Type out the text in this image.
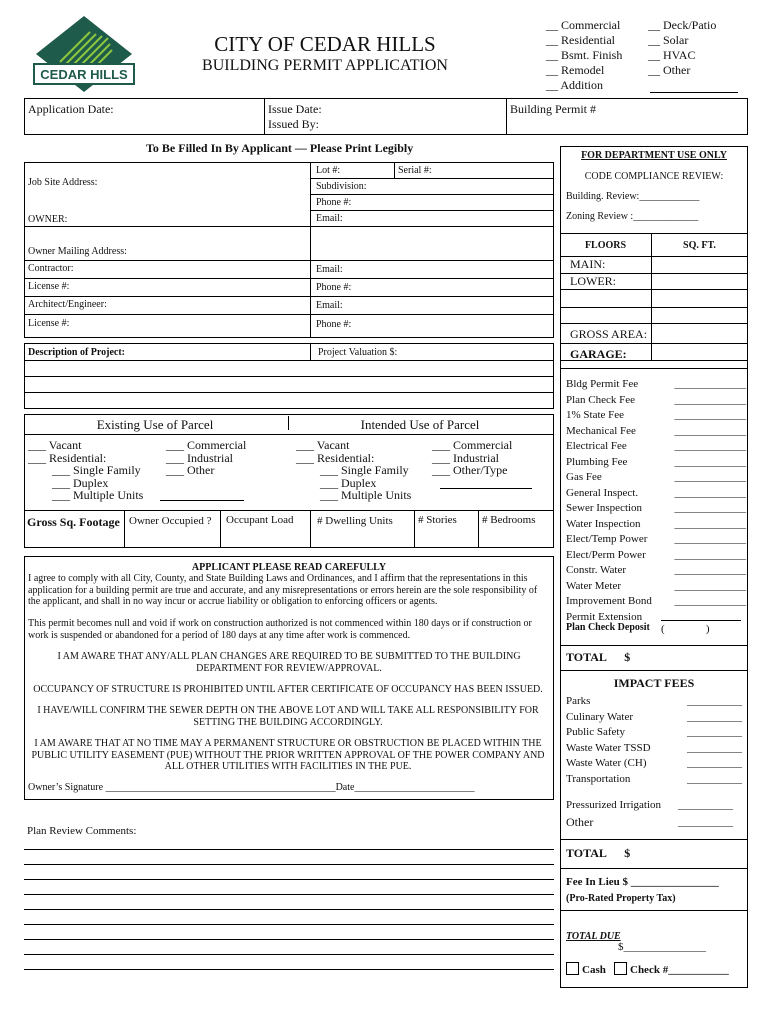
CEDAR HILLS
CITY OF CEDAR HILLS
BUILDING PERMIT APPLICATION
__ Commercial
__ Residential
__ Bsmt. Finish
__ Remodel
__ Addition
__ Deck/Patio
__ Solar
__ HVAC
__ Other
Application Date:	Issue Date:
Issued By:
Building Permit #
To Be Filled In By Applicant — Please Print Legibly
Job Site Address:
Lot #:	Serial #:
Subdivision:
Phone #:
OWNER:	Email:
Owner Mailing Address:
Contractor:	Email:
License #:	Phone #:
Architect/Engineer:	Email:
License #:	Phone #:
Description of Project:	Project Valuation $:
Existing Use of Parcel	Intended Use of Parcel
___ Vacant
___ Residential:
___ Single Family
___ Duplex
___ Multiple Units
___ Commercial
___ Industrial
___ Other
___ Vacant
___ Residential:
___ Single Family
___ Duplex
___ Multiple Units
___ Commercial
___ Industrial
___ Other/Type
Gross Sq. Footage Owner Occupied ? Occupant Load # Dwelling Units # Stories # Bedrooms
APPLICANT PLEASE READ CAREFULLY
I agree to comply with all City, County, and State Building Laws and Ordinances, and I affirm that the representations in this application for a building permit are true and accurate, and any misrepresentations or errors herein are the sole responsibility of the applicant, and shall in no way incur or accrue liability or obligation to enforcing officers or agents.
This permit becomes null and void if work on construction authorized is not commenced within 180 days or if construction or work is suspended or abandoned for a period of 180 days at any time after work is commenced.
I AM AWARE THAT ANY/ALL PLAN CHANGES ARE REQUIRED TO BE SUBMITTED TO THE BUILDING DEPARTMENT FOR REVIEW/APPROVAL.
OCCUPANCY OF STRUCTURE IS PROHIBITED UNTIL AFTER CERTIFICATE OF OCCUPANCY HAS BEEN ISSUED.
I HAVE/WILL CONFIRM THE SEWER DEPTH ON THE ABOVE LOT AND WILL TAKE ALL RESPONSIBILITY FOR SETTING THE BUILDING ACCORDINGLY.
I AM AWARE THAT AT NO TIME MAY A PERMANENT STRUCTURE OR OBSTRUCTION BE PLACED WITHIN THE PUBLIC UTILITY EASEMENT (PUE) WITHOUT THE PRIOR WRITTEN APPROVAL OF THE POWER COMPANY AND ALL OTHER UTILITIES WITH FACILITIES IN THE PUE.
Owner’s Signature ______________________________________________Date________________________
Plan Review Comments:
FOR DEPARTMENT USE ONLY
CODE COMPLIANCE REVIEW:
Building. Review:____________
Zoning Review :_____________
FLOORS	SQ. FT.
MAIN:
LOWER:
GROSS AREA:
GARAGE:
Bldg Permit Fee	_____________
Plan Check Fee	_____________
1% State Fee	_____________
Mechanical Fee	_____________
Electrical Fee	_____________
Plumbing Fee	_____________
Gas Fee	_____________
General Inspect.	_____________
Sewer Inspection	_____________
Water Inspection	_____________
Elect/Temp Power _____________
Elect/Perm Power	_____________
Constr. Water	_____________
Water Meter	_____________
Improvement Bond _____________
Permit Extension
Plan Check Deposit (               )
TOTAL      $
IMPACT FEES
Parks	__________
Culinary Water	__________
Public Safety	__________
Waste Water TSSD	__________
Waste Water (CH)	__________
Transportation	__________
Pressurized Irrigation __________
Other	__________
TOTAL      $
Fee In Lieu $ ________________
(Pro-Rated Property Tax)
TOTAL DUE
$_______________
Cash	Check #___________
